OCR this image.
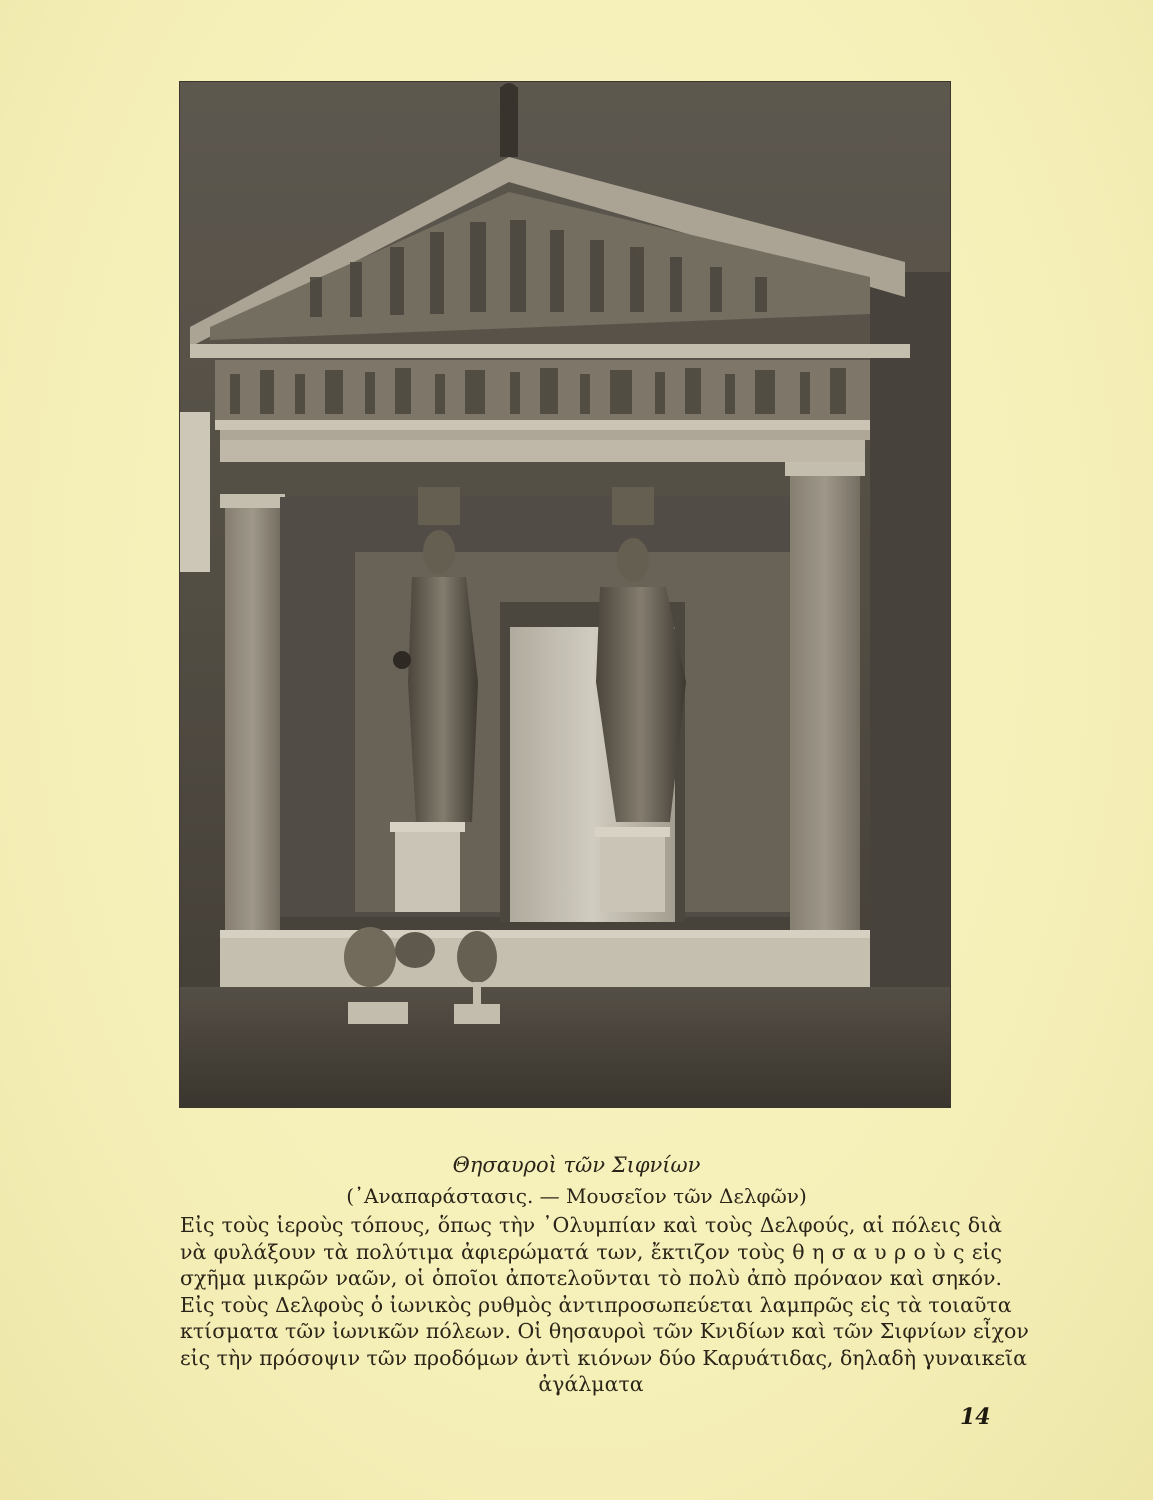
Θησαυρoὶ τῶν Σιφνίων
(᾿Αναπαράστασις. — Μουσεῖον τῶν Δελφῶν)
Εἰς τοὺς ἱεροὺς τόπους, ὅπως τὴν ᾿Ολυμπίαν καὶ τοὺς Δελφούς, αἱ πόλεις διὰ
νὰ φυλάξουν τὰ πολύτιμα ἀφιερώματά των, ἔκτιζον τοὺς θ η σ α υ ρ ο ὺ ς εἰς
σχῆμα μικρῶν ναῶν, οἱ ὁποῖοι ἀποτελοῦνται τὸ πολὺ ἀπὸ πρόναον καὶ σηκόν.
Εἰς τοὺς Δελφοὺς ὁ ἰωνικὸς ρυθμὸς ἀντιπροσωπεύεται λαμπρῶς εἰς τὰ τοιαῦτα
κτίσματα τῶν ἰωνικῶν πόλεων. Οἱ θησαυροὶ τῶν Κνιδίων καὶ τῶν Σιφνίων εἶχον
εἰς τὴν πρόσοψιν τῶν προδόμων ἀντὶ κιόνων δύο Καρυάτιδας, δηλαδὴ γυναικεῖα
ἀγάλματα
14
